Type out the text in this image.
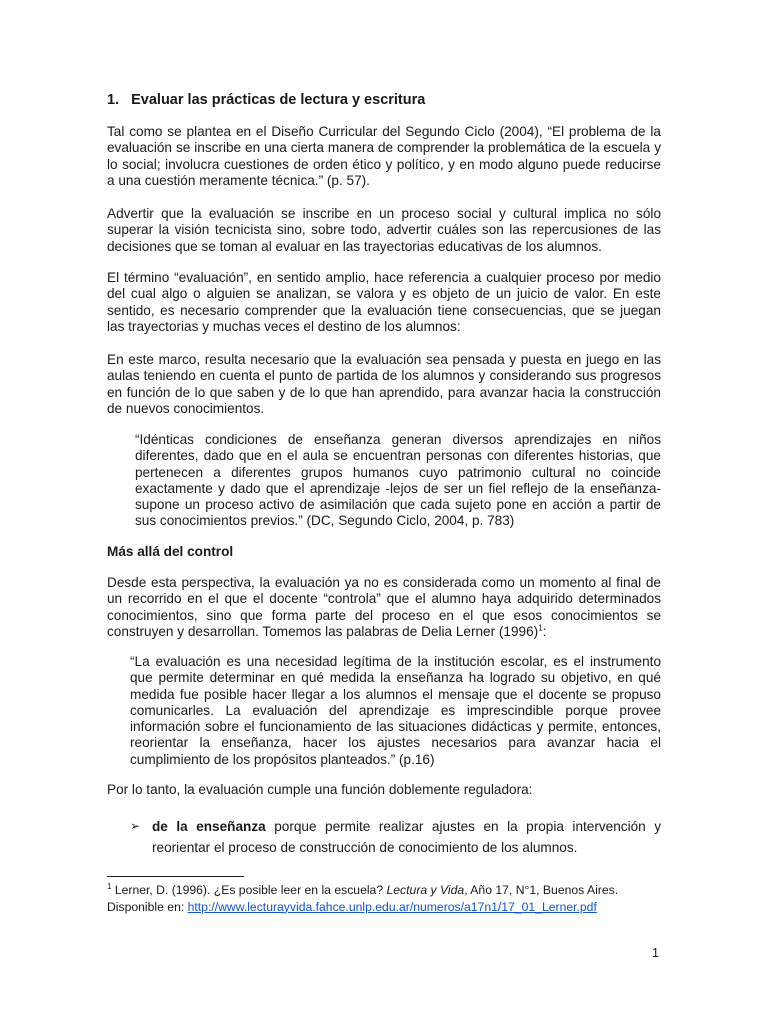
1. Evaluar las prácticas de lectura y escritura

Tal como se plantea en el Diseño Curricular del Segundo Ciclo (2004), “El problema de la evaluación se inscribe en una cierta manera de comprender la problemática de la escuela y lo social; involucra cuestiones de orden ético y político, y en modo alguno puede reducirse a una cuestión meramente técnica.” (p. 57).

Advertir que la evaluación se inscribe en un proceso social y cultural implica no sólo superar la visión tecnicista sino, sobre todo, advertir cuáles son las repercusiones de las decisiones que se toman al evaluar en las trayectorias educativas de los alumnos.

El término “evaluación”, en sentido amplio, hace referencia a cualquier proceso por medio del cual algo o alguien se analizan, se valora y es objeto de un juicio de valor. En este sentido, es necesario comprender que la evaluación tiene consecuencias, que se juegan las trayectorias y muchas veces el destino de los alumnos:

En este marco, resulta necesario que la evaluación sea pensada y puesta en juego en las aulas teniendo en cuenta el punto de partida de los alumnos y considerando sus progresos en función de lo que saben y de lo que han aprendido, para avanzar hacia la construcción de nuevos conocimientos.

“Idénticas condiciones de enseñanza generan diversos aprendizajes en niños diferentes, dado que en el aula se encuentran personas con diferentes historias, que pertenecen a diferentes grupos humanos cuyo patrimonio cultural no coincide exactamente y dado que el aprendizaje -lejos de ser un fiel reflejo de la enseñanza- supone un proceso activo de asimilación que cada sujeto pone en acción a partir de sus conocimientos previos.” (DC, Segundo Ciclo, 2004, p. 783)

Más allá del control

Desde esta perspectiva, la evaluación ya no es considerada como un momento al final de un recorrido en el que el docente “controla” que el alumno haya adquirido determinados conocimientos, sino que forma parte del proceso en el que esos conocimientos se construyen y desarrollan. Tomemos las palabras de Delia Lerner $(1996)^1$:

“La evaluación es una necesidad legítima de la institución escolar, es el instrumento que permite determinar en qué medida la enseñanza ha logrado su objetivo, en qué medida fue posible hacer llegar a los alumnos el mensaje que el docente se propuso comunicarles. La evaluación del aprendizaje es imprescindible porque provee información sobre el funcionamiento de las situaciones didácticas y permite, entonces, reorientar la enseñanza, hacer los ajustes necesarios para avanzar hacia el cumplimiento de los propósitos planteados.” (p.16)

Por lo tanto, la evaluación cumple una función doblemente reguladora:

➢ de la enseñanza porque permite realizar ajustes en la propia intervención y reorientar el proceso de construcción de conocimiento de los alumnos.

$^1$ Lerner, D. (1996). ¿Es posible leer en la escuela? Lectura y Vida, Año 17, N°1, Buenos Aires. Disponible en: http://www.lecturayvida.fahce.unlp.edu.ar/numeros/a17n1/17_01_Lerner.pdf

1
